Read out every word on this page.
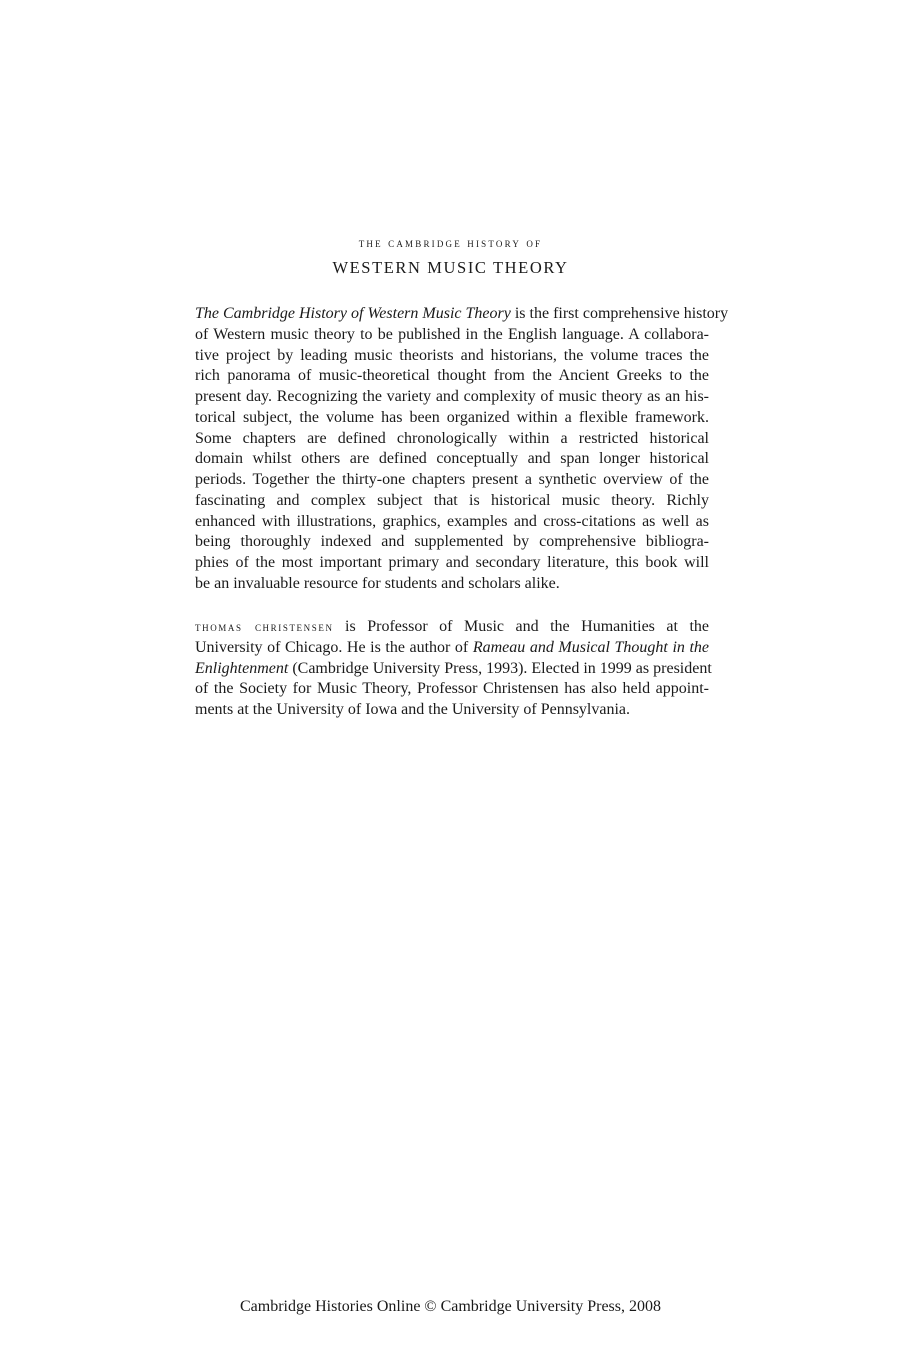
the cambridge history of
WESTERN MUSIC THEORY
The Cambridge History of Western Music Theory is the first comprehensive history
of Western music theory to be published in the English language. A collabora-
tive project by leading music theorists and historians, the volume traces the
rich panorama of music-theoretical thought from the Ancient Greeks to the
present day. Recognizing the variety and complexity of music theory as an his-
torical subject, the volume has been organized within a flexible framework.
Some chapters are defined chronologically within a restricted historical
domain whilst others are defined conceptually and span longer historical
periods. Together the thirty-one chapters present a synthetic overview of the
fascinating and complex subject that is historical music theory. Richly
enhanced with illustrations, graphics, examples and cross-citations as well as
being thoroughly indexed and supplemented by comprehensive bibliogra-
phies of the most important primary and secondary literature, this book will
be an invaluable resource for students and scholars alike.
thomas christensen is Professor of Music and the Humanities at the
University of Chicago. He is the author of Rameau and Musical Thought in the
Enlightenment (Cambridge University Press, 1993). Elected in 1999 as president
of the Society for Music Theory, Professor Christensen has also held appoint-
ments at the University of Iowa and the University of Pennsylvania.
Cambridge Histories Online © Cambridge University Press, 2008
